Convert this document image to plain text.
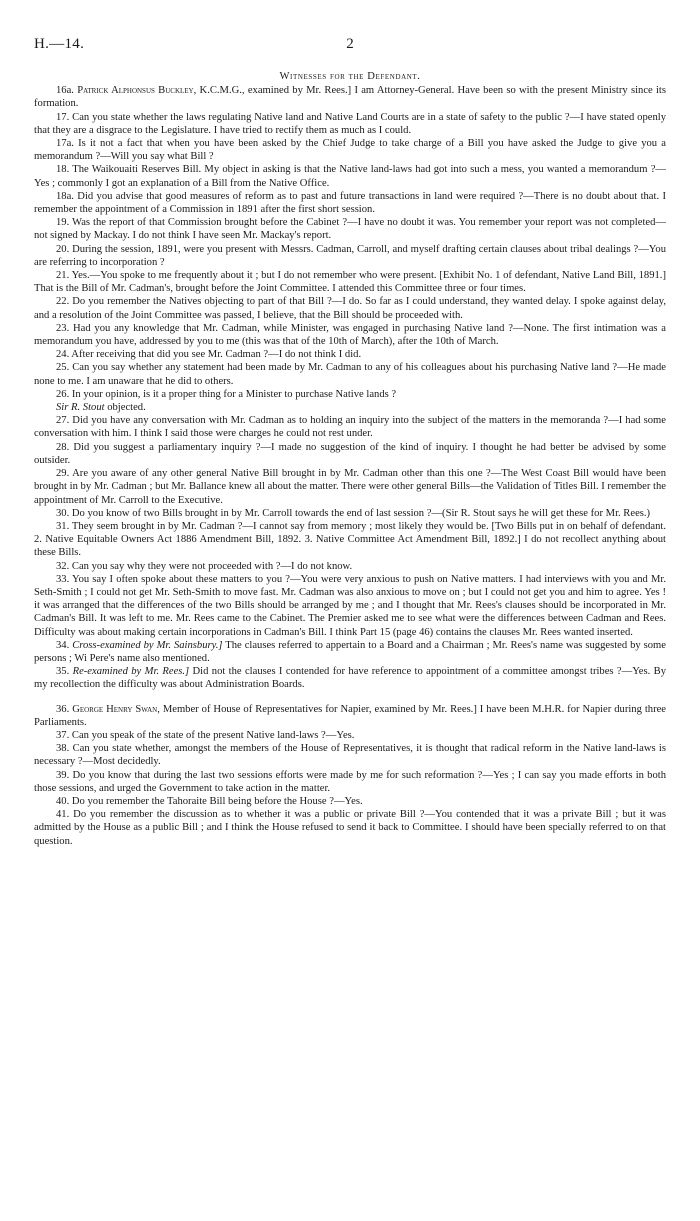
H.—14.	2

Witnesses for the Defendant.

16a. Patrick Alphonsus Buckley, K.C.M.G., examined by Mr. Rees.] I am Attorney-General. Have been so with the present Ministry since its formation.

17. Can you state whether the laws regulating Native land and Native Land Courts are in a state of safety to the public ?—I have stated openly that they are a disgrace to the Legislature. I have tried to rectify them as much as I could.

17a. Is it not a fact that when you have been asked by the Chief Judge to take charge of a Bill you have asked the Judge to give you a memorandum ?—Will you say what Bill ?

18. The Waikouaiti Reserves Bill. My object in asking is that the Native land-laws had got into such a mess, you wanted a memorandum ?—Yes ; commonly I got an explanation of a Bill from the Native Office.

18a. Did you advise that good measures of reform as to past and future transactions in land were required ?—There is no doubt about that. I remember the appointment of a Commission in 1891 after the first short session.

19. Was the report of that Commission brought before the Cabinet ?—I have no doubt it was. You remember your report was not completed—not signed by Mackay. I do not think I have seen Mr. Mackay's report.

20. During the session, 1891, were you present with Messrs. Cadman, Carroll, and myself drafting certain clauses about tribal dealings ?—You are referring to incorporation ?

21. Yes.—You spoke to me frequently about it ; but I do not remember who were present. [Exhibit No. 1 of defendant, Native Land Bill, 1891.] That is the Bill of Mr. Cadman's, brought before the Joint Committee. I attended this Committee three or four times.

22. Do you remember the Natives objecting to part of that Bill ?—I do. So far as I could understand, they wanted delay. I spoke against delay, and a resolution of the Joint Committee was passed, I believe, that the Bill should be proceeded with.

23. Had you any knowledge that Mr. Cadman, while Minister, was engaged in purchasing Native land ?—None. The first intimation was a memorandum you have, addressed by you to me (this was that of the 10th of March), after the 10th of March.

24. After receiving that did you see Mr. Cadman ?—I do not think I did.

25. Can you say whether any statement had been made by Mr. Cadman to any of his colleagues about his purchasing Native land ?—He made none to me. I am unaware that he did to others.

26. In your opinion, is it a proper thing for a Minister to purchase Native lands ?

Sir R. Stout objected.

27. Did you have any conversation with Mr. Cadman as to holding an inquiry into the subject of the matters in the memoranda ?—I had some conversation with him. I think I said those were charges he could not rest under.

28. Did you suggest a parliamentary inquiry ?—I made no suggestion of the kind of inquiry. I thought he had better be advised by some outsider.

29. Are you aware of any other general Native Bill brought in by Mr. Cadman other than this one ?—The West Coast Bill would have been brought in by Mr. Cadman ; but Mr. Ballance knew all about the matter. There were other general Bills—the Validation of Titles Bill. I remember the appointment of Mr. Carroll to the Executive.

30. Do you know of two Bills brought in by Mr. Carroll towards the end of last session ?—(Sir R. Stout says he will get these for Mr. Rees.)

31. They seem brought in by Mr. Cadman ?—I cannot say from memory ; most likely they would be. [Two Bills put in on behalf of defendant. 2. Native Equitable Owners Act 1886 Amendment Bill, 1892. 3. Native Committee Act Amendment Bill, 1892.] I do not recollect anything about these Bills.

32. Can you say why they were not proceeded with ?—I do not know.

33. You say I often spoke about these matters to you ?—You were very anxious to push on Native matters. I had interviews with you and Mr. Seth-Smith ; I could not get Mr. Seth-Smith to move fast. Mr. Cadman was also anxious to move on ; but I could not get you and him to agree. Yes ! it was arranged that the differences of the two Bills should be arranged by me ; and I thought that Mr. Rees's clauses should be incorporated in Mr. Cadman's Bill. It was left to me. Mr. Rees came to the Cabinet. The Premier asked me to see what were the differences between Cadman and Rees. Difficulty was about making certain incorporations in Cadman's Bill. I think Part 15 (page 46) contains the clauses Mr. Rees wanted inserted.

34. Cross-examined by Mr. Sainsbury.] The clauses referred to appertain to a Board and a Chairman ; Mr. Rees's name was suggested by some persons ; Wi Pere's name also mentioned.

35. Re-examined by Mr. Rees.] Did not the clauses I contended for have reference to appointment of a committee amongst tribes ?—Yes. By my recollection the difficulty was about Administration Boards.

36. George Henry Swan, Member of House of Representatives for Napier, examined by Mr. Rees.] I have been M.H.R. for Napier during three Parliaments.

37. Can you speak of the state of the present Native land-laws ?—Yes.

38. Can you state whether, amongst the members of the House of Representatives, it is thought that radical reform in the Native land-laws is necessary ?—Most decidedly.

39. Do you know that during the last two sessions efforts were made by me for such reformation ?—Yes ; I can say you made efforts in both those sessions, and urged the Government to take action in the matter.

40. Do you remember the Tahoraite Bill being before the House ?—Yes.

41. Do you remember the discussion as to whether it was a public or private Bill ?—You contended that it was a private Bill ; but it was admitted by the House as a public Bill ; and I think the House refused to send it back to Committee. I should have been specially referred to on that question.
